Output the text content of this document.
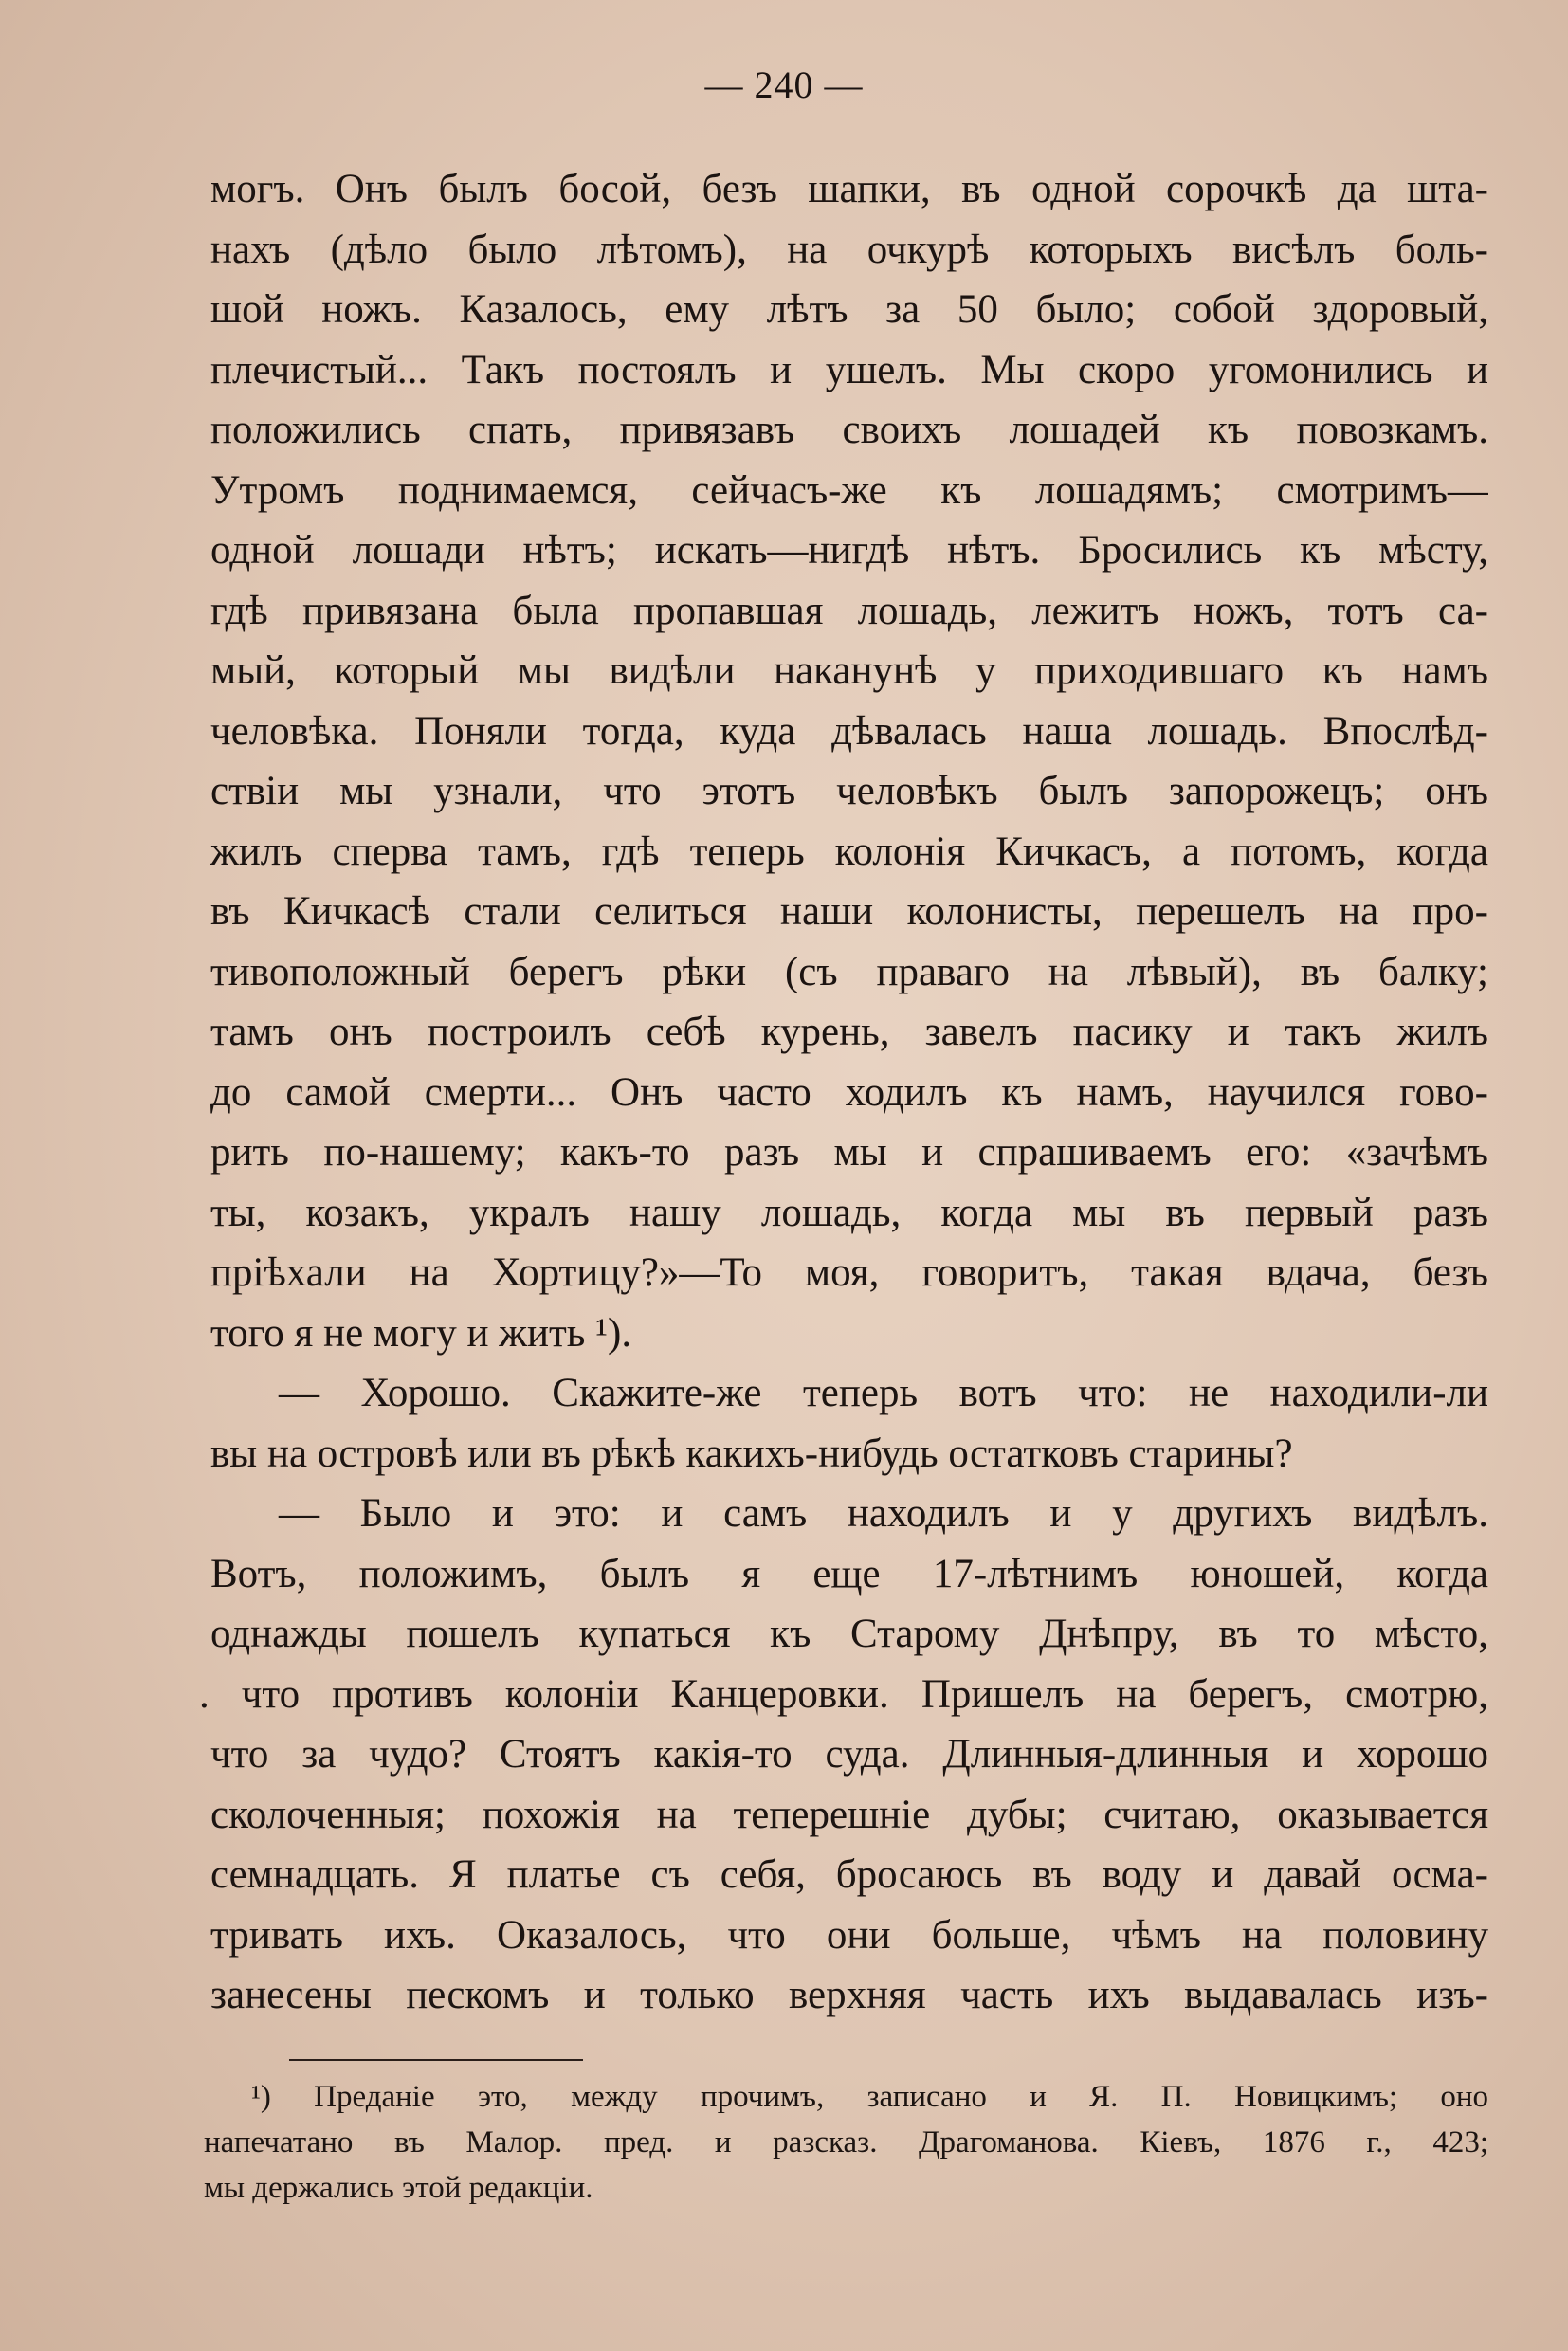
— 240 —
могъ. Онъ былъ босой, безъ шапки, въ одной сорочкѣ да шта-
нахъ (дѣло было лѣтомъ), на очкурѣ которыхъ висѣлъ боль-
шой ножъ. Казалось, ему лѣтъ за 50 было; собой здоровый,
плечистый... Такъ постоялъ и ушелъ. Мы скоро угомонились и
положились спать, привязавъ своихъ лошадей къ повозкамъ.
Утромъ поднимаемся, сейчасъ-же къ лошадямъ; смотримъ—
одной лошади нѣтъ; искать—нигдѣ нѣтъ. Бросились къ мѣсту,
гдѣ привязана была пропавшая лошадь, лежитъ ножъ, тотъ са-
мый, который мы видѣли наканунѣ у приходившаго къ намъ
человѣка. Поняли тогда, куда дѣвалась наша лошадь. Впослѣд-
ствіи мы узнали, что этотъ человѣкъ былъ запорожецъ; онъ
жилъ сперва тамъ, гдѣ теперь колонія Кичкасъ, а потомъ, когда
въ Кичкасѣ стали селиться наши колонисты, перешелъ на про-
тивоположный берегъ рѣки (съ праваго на лѣвый), въ балку;
тамъ онъ построилъ себѣ курень, завелъ пасику и такъ жилъ
до самой смерти... Онъ часто ходилъ къ намъ, научился гово-
рить по-нашему; какъ-то разъ мы и спрашиваемъ его: «зачѣмъ
ты, козакъ, укралъ нашу лошадь, когда мы въ первый разъ
пріѣхали на Хортицу?»—То моя, говоритъ, такая вдача, безъ
того я не могу и жить ¹).
— Хорошо. Скажите-же теперь вотъ что: не находили-ли
вы на островѣ или въ рѣкѣ какихъ-нибудь остатковъ старины?
— Было и это: и самъ находилъ и у другихъ видѣлъ.
Вотъ, положимъ, былъ я еще 17-лѣтнимъ юношей, когда
однажды пошелъ купаться къ Старому Днѣпру, въ то мѣсто,
. что противъ колоніи Канцеровки. Пришелъ на берегъ, смотрю,
что за чудо? Стоятъ какія-то суда. Длинныя-длинныя и хорошо
сколоченныя; похожія на теперешніе дубы; считаю, оказывается
семнадцать. Я платье съ себя, бросаюсь въ воду и давай осма-
тривать ихъ. Оказалось, что они больше, чѣмъ на половину
занесены пескомъ и только верхняя часть ихъ выдавалась изъ-
¹) Преданіе это, между прочимъ, записано и Я. П. Новицкимъ; оно
напечатано въ Малор. пред. и разсказ. Драгоманова. Кіевъ, 1876 г., 423;
мы держались этой редакціи.
